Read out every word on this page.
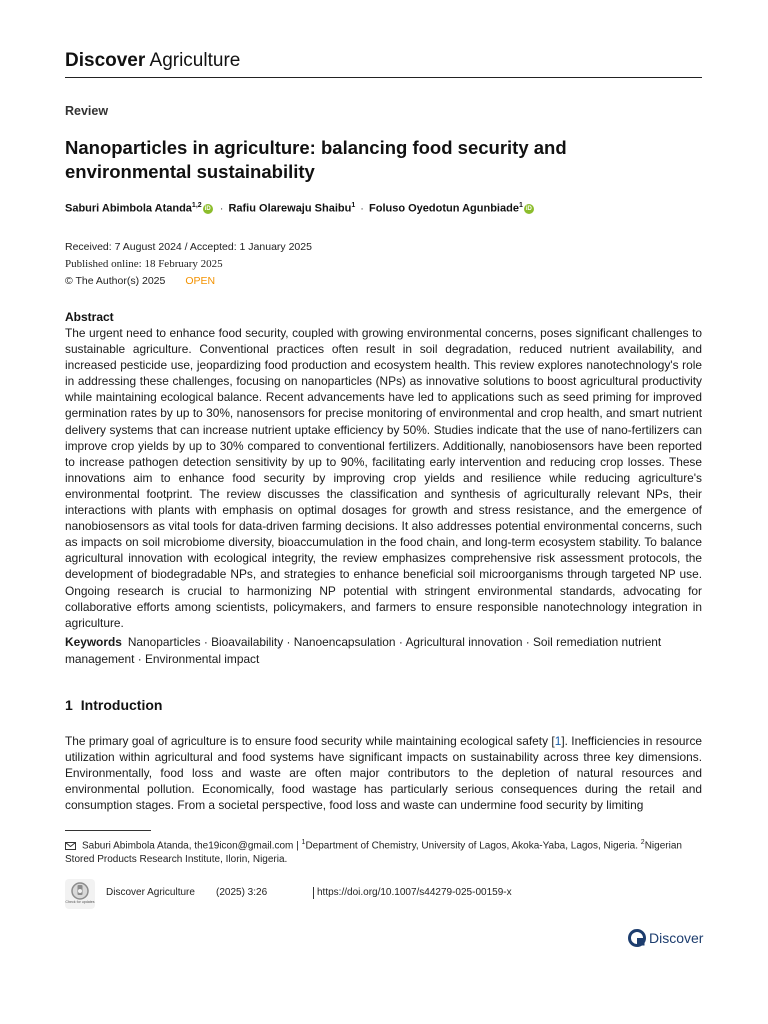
Discover Agriculture
Review
Nanoparticles in agriculture: balancing food security and environmental sustainability
Saburi Abimbola Atanda$^{1,2}$ iD · Rafiu Olarewaju Shaibu$^1$ · Foluso Oyedotun Agunbiade$^1$ iD
Received: 7 August 2024 / Accepted: 1 January 2025
Published online: 18 February 2025
© The Author(s) 2025 OPEN
Abstract
The urgent need to enhance food security, coupled with growing environmental concerns, poses significant challenges to sustainable agriculture. Conventional practices often result in soil degradation, reduced nutrient availability, and increased pesticide use, jeopardizing food production and ecosystem health. This review explores nanotechnology's role in addressing these challenges, focusing on nanoparticles (NPs) as innovative solutions to boost agricultural productivity while maintaining ecological balance. Recent advancements have led to applications such as seed priming for improved germination rates by up to 30%, nanosensors for precise monitoring of environmental and crop health, and smart nutrient delivery systems that can increase nutrient uptake efficiency by 50%. Studies indicate that the use of nano-fertilizers can improve crop yields by up to 30% compared to conventional fertilizers. Additionally, nanobiosensors have been reported to increase pathogen detection sensitivity by up to 90%, facilitating early intervention and reducing crop losses. These innovations aim to enhance food security by improving crop yields and resilience while reducing agriculture's environmental footprint. The review discusses the classification and synthesis of agriculturally relevant NPs, their interactions with plants with emphasis on optimal dosages for growth and stress resistance, and the emergence of nanobiosensors as vital tools for data-driven farming decisions. It also addresses potential environmental concerns, such as impacts on soil microbiome diversity, bioaccumulation in the food chain, and long-term ecosystem stability. To balance agricultural innovation with ecological integrity, the review emphasizes comprehensive risk assessment protocols, the development of biodegradable NPs, and strategies to enhance beneficial soil microorganisms through targeted NP use. Ongoing research is crucial to harmonizing NP potential with stringent environmental standards, advocating for collaborative efforts among scientists, policymakers, and farmers to ensure responsible nanotechnology integration in agriculture.
Keywords Nanoparticles · Bioavailability · Nanoencapsulation · Agricultural innovation · Soil remediation nutrient management · Environmental impact
1 Introduction
The primary goal of agriculture is to ensure food security while maintaining ecological safety [1]. Inefficiencies in resource utilization within agricultural and food systems have significant impacts on sustainability across three key dimensions. Environmentally, food loss and waste are often major contributors to the depletion of natural resources and environmental pollution. Economically, food wastage has particularly serious consequences during the retail and consumption stages. From a societal perspective, food loss and waste can undermine food security by limiting
Saburi Abimbola Atanda, the19icon@gmail.com | $^1$Department of Chemistry, University of Lagos, Akoka-Yaba, Lagos, Nigeria. $^2$Nigerian Stored Products Research Institute, Ilorin, Nigeria.
Check for updates
Discover Agriculture (2025) 3:26	https://doi.org/10.1007/s44279-025-00159-x
Discover
